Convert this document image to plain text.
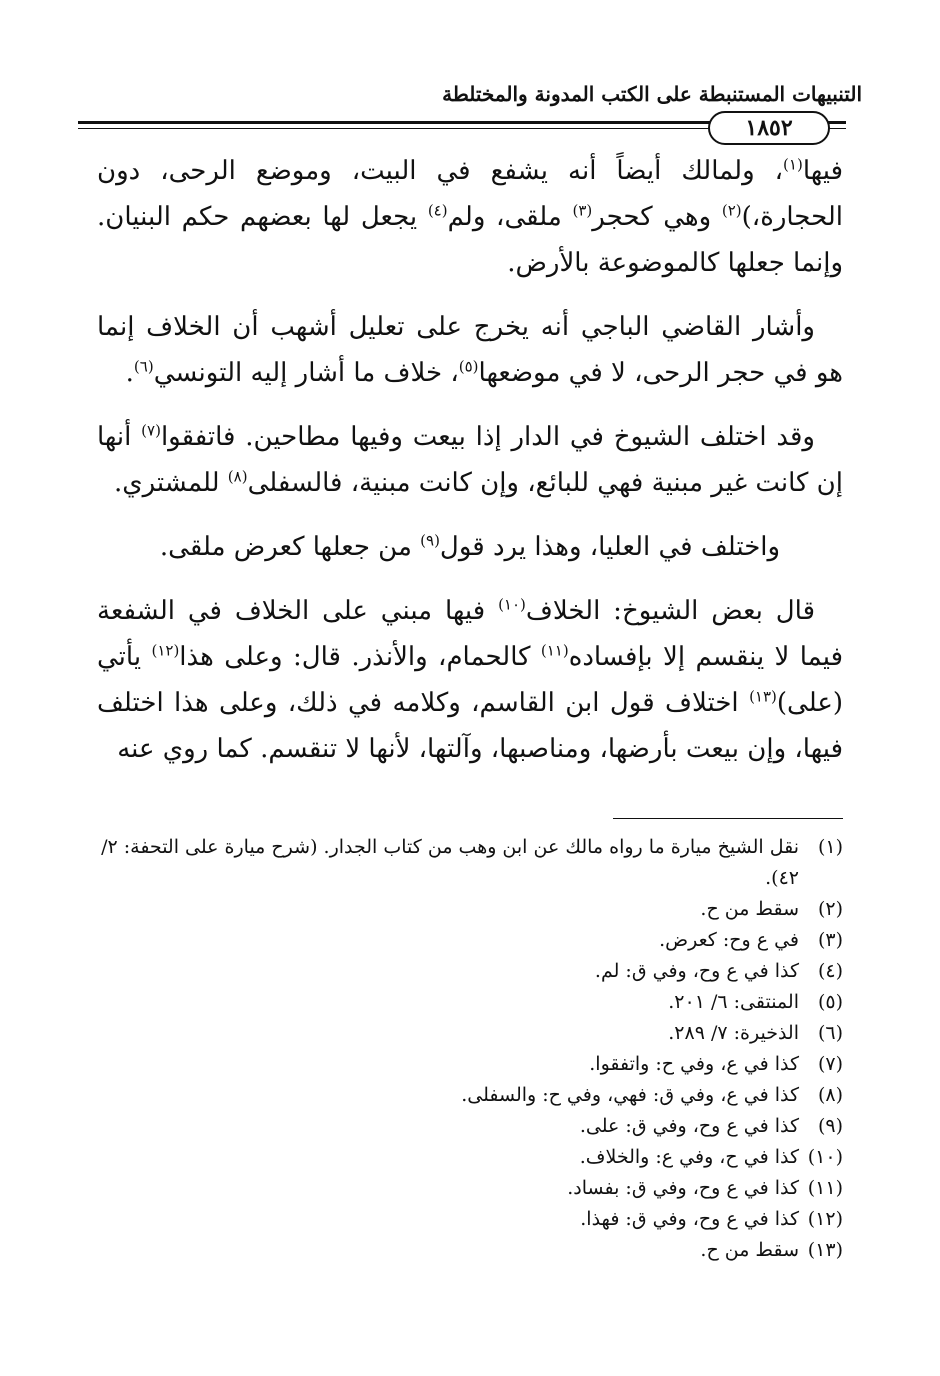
التنبيهات المستنبطة على الكتب المدونة والمختلطة
١٨٥٢

فيها$^{(١)}$، ولمالك أيضاً أنه يشفع في البيت، وموضع الرحى، دون الحجارة،)$^{(٢)}$ وهي كحجر$^{(٣)}$ ملقى، ولم$^{(٤)}$ يجعل لها بعضهم حكم البنيان. وإنما جعلها كالموضوعة بالأرض.

وأشار القاضي الباجي أنه يخرج على تعليل أشهب أن الخلاف إنما هو في حجر الرحى، لا في موضعها$^{(٥)}$، خلاف ما أشار إليه التونسي$^{(٦)}$.

وقد اختلف الشيوخ في الدار إذا بيعت وفيها مطاحين. فاتفقوا$^{(٧)}$ أنها إن كانت غير مبنية فهي للبائع، وإن كانت مبنية، فالسفلى$^{(٨)}$ للمشتري.

واختلف في العليا، وهذا يرد قول$^{(٩)}$ من جعلها كعرض ملقى.

قال بعض الشيوخ: الخلاف$^{(١٠)}$ فيها مبني على الخلاف في الشفعة فيما لا ينقسم إلا بإفساده$^{(١١)}$ كالحمام، والأنذر. قال: وعلى هذا$^{(١٢)}$ يأتي (على)$^{(١٣)}$ اختلاف قول ابن القاسم، وكلامه في ذلك، وعلى هذا اختلف فيها، وإن بيعت بأرضها، ومناصبها، وآلتها، لأنها لا تنقسم. كما روي عنه

(١)
نقل الشيخ ميارة ما رواه مالك عن ابن وهب من كتاب الجدار. (شرح ميارة على التحفة: ٢/ ٤٢).
(٢)
سقط من ح.
(٣)
في ع وح: كعرض.
(٤)
كذا في ع وح، وفي ق: لم.
(٥)
المنتقى: ٦/ ٢٠١.
(٦)
الذخيرة: ٧/ ٢٨٩.
(٧)
كذا في ع، وفي ح: واتفقوا.
(٨)
كذا في ع، وفي ق: فهي، وفي ح: والسفلى.
(٩)
كذا في ع وح، وفي ق: على.
(١٠)
كذا في ح، وفي ع: والخلاف.
(١١)
كذا في ع وح، وفي ق: بفساد.
(١٢)
كذا في ع وح، وفي ق: فهذا.
(١٣)
سقط من ح.
